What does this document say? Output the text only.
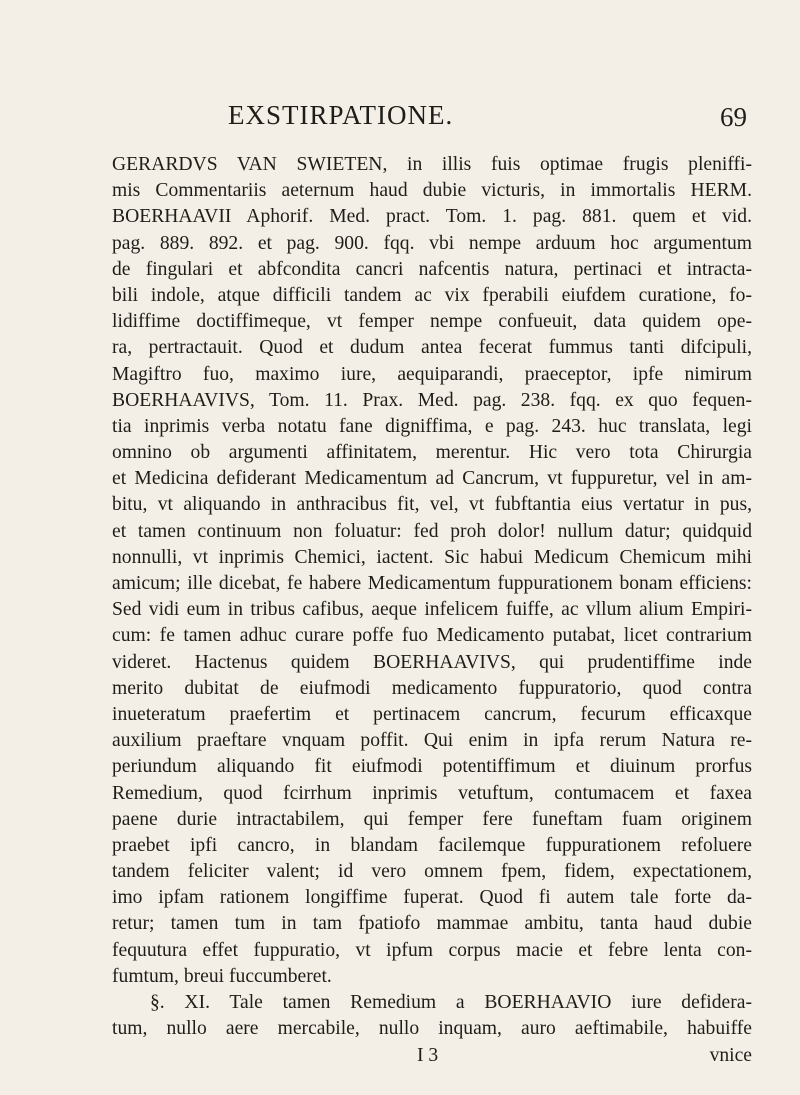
EXSTIRPATIONE.	69
GERARDVS VAN SWIETEN, in illis fuis optimae frugis pleniffi-
mis Commentariis aeternum haud dubie victuris, in immortalis HERM.
BOERHAAVII Aphorif. Med. pract. Tom. 1. pag. 881. quem et vid.
pag. 889. 892. et pag. 900. fqq. vbi nempe arduum hoc argumentum
de fingulari et abfcondita cancri nafcentis natura, pertinaci et intracta-
bili indole, atque difficili tandem ac vix fperabili eiufdem curatione, fo-
lidiffime doctiffimeque, vt femper nempe confueuit, data quidem ope-
ra, pertractauit. Quod et dudum antea fecerat fummus tanti difcipuli,
Magiftro fuo, maximo iure, aequiparandi, praeceptor, ipfe nimirum
BOERHAAVIVS, Tom. 11. Prax. Med. pag. 238. fqq. ex quo fequen-
tia inprimis verba notatu fane digniffima, e pag. 243. huc translata, legi
omnino ob argumenti affinitatem, merentur. Hic vero tota Chirurgia
et Medicina defiderant Medicamentum ad Cancrum, vt fuppuretur, vel in am-
bitu, vt aliquando in anthracibus fit, vel, vt fubftantia eius vertatur in pus,
et tamen continuum non foluatur: fed proh dolor! nullum datur; quidquid
nonnulli, vt inprimis Chemici, iactent. Sic habui Medicum Chemicum mihi
amicum; ille dicebat, fe habere Medicamentum fuppurationem bonam efficiens:
Sed vidi eum in tribus cafibus, aeque infelicem fuiffe, ac vllum alium Empiri-
cum: fe tamen adhuc curare poffe fuo Medicamento putabat, licet contrarium
videret. Hactenus quidem BOERHAAVIVS, qui prudentiffime inde
merito dubitat de eiufmodi medicamento fuppuratorio, quod contra
inueteratum praefertim et pertinacem cancrum, fecurum efficaxque
auxilium praeftare vnquam poffit. Qui enim in ipfa rerum Natura re-
periundum aliquando fit eiufmodi potentiffimum et diuinum prorfus
Remedium, quod fcirrhum inprimis vetuftum, contumacem et faxea
paene durie intractabilem, qui femper fere funeftam fuam originem
praebet ipfi cancro, in blandam facilemque fuppurationem refoluere
tandem feliciter valent; id vero omnem fpem, fidem, expectationem,
imo ipfam rationem longiffime fuperat. Quod fi autem tale forte da-
retur; tamen tum in tam fpatiofo mammae ambitu, tanta haud dubie
fequutura effet fuppuratio, vt ipfum corpus macie et febre lenta con-
fumtum, breui fuccumberet.
§. XI. Tale tamen Remedium a BOERHAAVIO iure defidera-
tum, nullo aere mercabile, nullo inquam, auro aeftimabile, habuiffe
I 3	vnice
